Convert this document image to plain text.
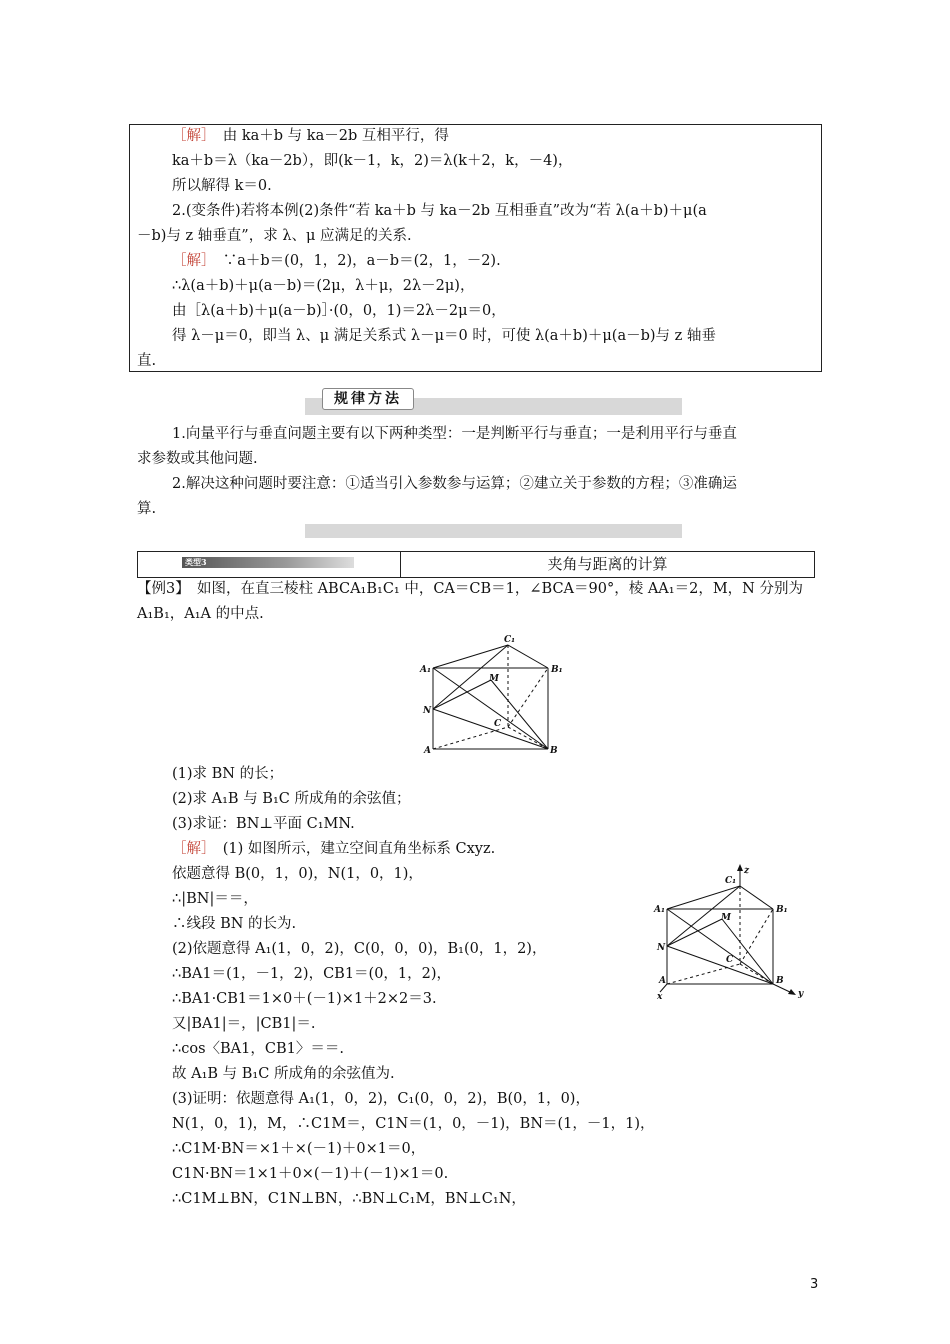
［解］　由 ka＋b 与 ka－2b 互相平行，得
ka＋b＝λ（ka－2b），即(k－1，k，2)＝λ(k＋2，k，－4)，
所以解得 k＝0.
2.(变条件)若将本例(2)条件“若 ka＋b 与 ka－2b 互相垂直”改为“若 λ(a＋b)＋μ(a
－b)与 z 轴垂直”，求 λ、μ 应满足的关系.
［解］　∵a＋b＝(0，1，2)，a－b＝(2，1，－2).
∴λ(a＋b)＋μ(a－b)＝(2μ，λ＋μ，2λ－2μ)，
由［λ(a＋b)＋μ(a－b)］·(0，0，1)＝2λ－2μ＝0，
得 λ－μ＝0，即当 λ、μ 满足关系式 λ－μ＝0 时，可使 λ(a＋b)＋μ(a－b)与 z 轴垂
直.
规律方法
1.向量平行与垂直问题主要有以下两种类型：一是判断平行与垂直；一是利用平行与垂直
求参数或其他问题.
2.解决这种问题时要注意：①适当引入参数参与运算；②建立关于参数的方程；③准确运
算.
类型3	夹角与距离的计算
【例3】　如图，在直三棱柱 ABCA₁B₁C₁ 中，CA＝CB＝1，∠BCA＝90°，棱 AA₁＝2，M，N 分别为
A₁B₁，A₁A 的中点.
A₁
C₁
B₁
M
N
C
A	B
(1)求 BN 的长；
(2)求 A₁B 与 B₁C 所成角的余弦值；
(3)求证：BN⊥平面 C₁MN.
［解］　(1) 如图所示，建立空间直角坐标系 Cxyz.
依题意得 B(0，1，0)，N(1，0，1)，
∴|BN|＝＝，
∴线段 BN 的长为.
(2)依题意得 A₁(1，0，2)，C(0，0，0)，B₁(0，1，2)，
∴BA1＝(1，－1，2)，CB1＝(0，1，2)，
∴BA1·CB1＝1×0＋(－1)×1＋2×2＝3.
又|BA1|＝，|CB1|＝.
∴cos〈BA1，CB1〉＝＝.
故 A₁B 与 B₁C 所成角的余弦值为.
(3)证明：依题意得 A₁(1，0，2)，C₁(0，0，2)，B(0，1，0)，
N(1，0，1)，M，∴C1M＝，C1N＝(1，0，－1)，BN＝(1，－1，1)，
∴C1M·BN＝×1＋×(－1)＋0×1＝0，
C1N·BN＝1×1＋0×(－1)＋(－1)×1＝0.
∴C1M⊥BN，C1N⊥BN，∴BN⊥C₁M，BN⊥C₁N，
A₁
C₁
B₁
M
N
C
A	B
z
x	y
3
